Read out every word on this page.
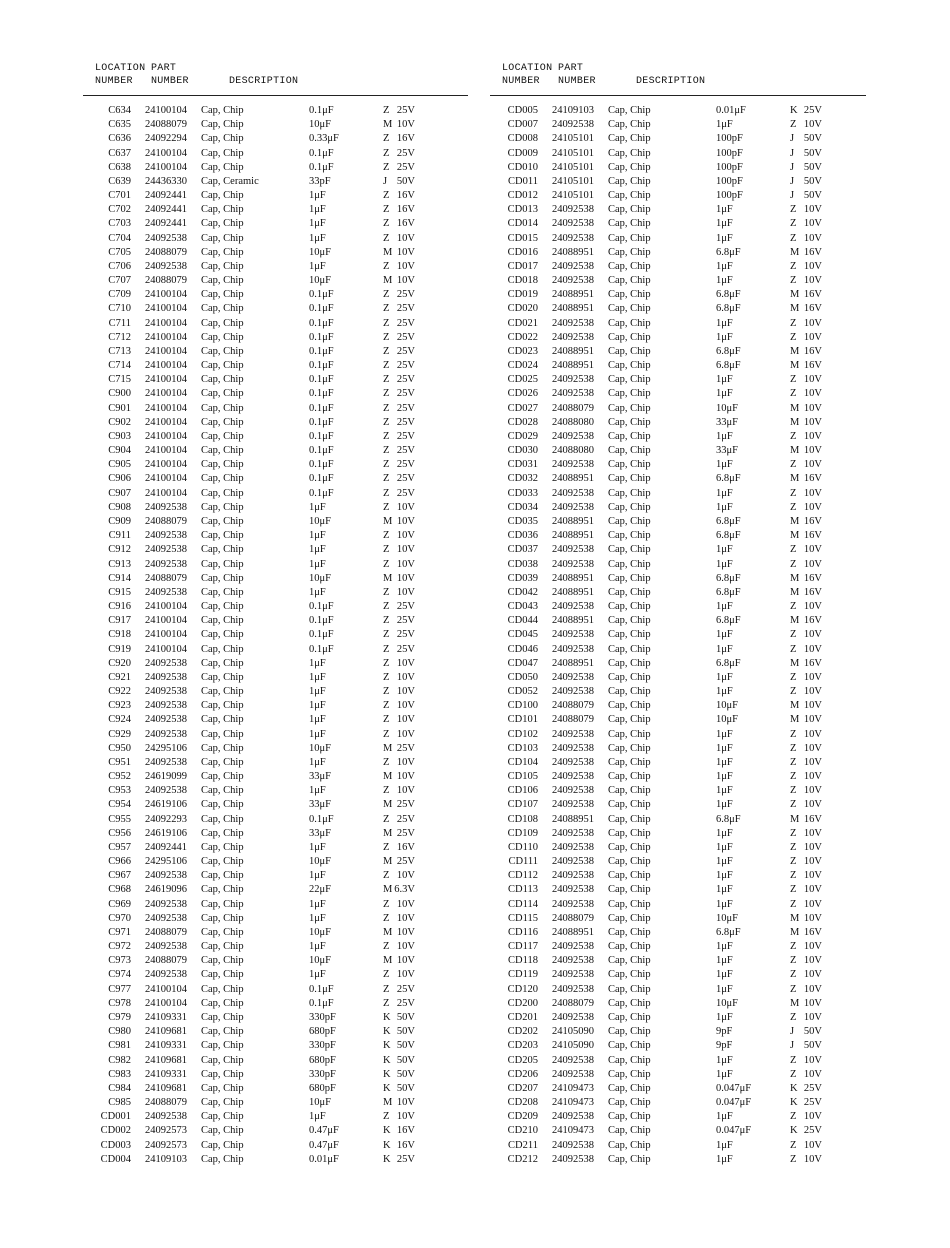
LOCATION
NUMBER
PART
NUMBER	DESCRIPTION
C634 24100104 Cap, Chip	0.1μF	Z 25V
C635 24088079 Cap, Chip	10μF	M 10V
C636 24092294 Cap, Chip	0.33μF	Z 16V
C637 24100104 Cap, Chip	0.1μF	Z 25V
C638 24100104 Cap, Chip	0.1μF	Z 25V
C639 24436330 Cap, Ceramic	33pF	J 50V
C701 24092441 Cap, Chip	1μF	Z 16V
C702 24092441 Cap, Chip	1μF	Z 16V
C703 24092441 Cap, Chip	1μF	Z 16V
C704 24092538 Cap, Chip	1μF	Z 10V
C705 24088079 Cap, Chip	10μF	M 10V
C706 24092538 Cap, Chip	1μF	Z 10V
C707 24088079 Cap, Chip	10μF	M 10V
C709 24100104 Cap, Chip	0.1μF	Z 25V
C710 24100104 Cap, Chip	0.1μF	Z 25V
C711 24100104 Cap, Chip	0.1μF	Z 25V
C712 24100104 Cap, Chip	0.1μF	Z 25V
C713 24100104 Cap, Chip	0.1μF	Z 25V
C714 24100104 Cap, Chip	0.1μF	Z 25V
C715 24100104 Cap, Chip	0.1μF	Z 25V
C900 24100104 Cap, Chip	0.1μF	Z 25V
C901 24100104 Cap, Chip	0.1μF	Z 25V
C902 24100104 Cap, Chip	0.1μF	Z 25V
C903 24100104 Cap, Chip	0.1μF	Z 25V
C904 24100104 Cap, Chip	0.1μF	Z 25V
C905 24100104 Cap, Chip	0.1μF	Z 25V
C906 24100104 Cap, Chip	0.1μF	Z 25V
C907 24100104 Cap, Chip	0.1μF	Z 25V
C908 24092538 Cap, Chip	1μF	Z 10V
C909 24088079 Cap, Chip	10μF	M 10V
C911 24092538 Cap, Chip	1μF	Z 10V
C912 24092538 Cap, Chip	1μF	Z 10V
C913 24092538 Cap, Chip	1μF	Z 10V
C914 24088079 Cap, Chip	10μF	M 10V
C915 24092538 Cap, Chip	1μF	Z 10V
C916 24100104 Cap, Chip	0.1μF	Z 25V
C917 24100104 Cap, Chip	0.1μF	Z 25V
C918 24100104 Cap, Chip	0.1μF	Z 25V
C919 24100104 Cap, Chip	0.1μF	Z 25V
C920 24092538 Cap, Chip	1μF	Z 10V
C921 24092538 Cap, Chip	1μF	Z 10V
C922 24092538 Cap, Chip	1μF	Z 10V
C923 24092538 Cap, Chip	1μF	Z 10V
C924 24092538 Cap, Chip	1μF	Z 10V
C929 24092538 Cap, Chip	1μF	Z 10V
C950 24295106 Cap, Chip	10μF	M 25V
C951 24092538 Cap, Chip	1μF	Z 10V
C952 24619099 Cap, Chip	33μF	M 10V
C953 24092538 Cap, Chip	1μF	Z 10V
C954 24619106 Cap, Chip	33μF	M 25V
C955 24092293 Cap, Chip	0.1μF	Z 25V
C956 24619106 Cap, Chip	33μF	M 25V
C957 24092441 Cap, Chip	1μF	Z 16V
C966 24295106 Cap, Chip	10μF	M 25V
C967 24092538 Cap, Chip	1μF	Z 10V
C968 24619096 Cap, Chip	22μF	M 6.3V
C969 24092538 Cap, Chip	1μF	Z 10V
C970 24092538 Cap, Chip	1μF	Z 10V
C971 24088079 Cap, Chip	10μF	M 10V
C972 24092538 Cap, Chip	1μF	Z 10V
C973 24088079 Cap, Chip	10μF	M 10V
C974 24092538 Cap, Chip	1μF	Z 10V
C977 24100104 Cap, Chip	0.1μF	Z 25V
C978 24100104 Cap, Chip	0.1μF	Z 25V
C979 24109331 Cap, Chip	330pF	K 50V
C980 24109681 Cap, Chip	680pF	K 50V
C981 24109331 Cap, Chip	330pF	K 50V
C982 24109681 Cap, Chip	680pF	K 50V
C983 24109331 Cap, Chip	330pF	K 50V
C984 24109681 Cap, Chip	680pF	K 50V
C985 24088079 Cap, Chip	10μF	M 10V
CD001 24092538 Cap, Chip	1μF	Z 10V
CD002 24092573 Cap, Chip	0.47μF	K 16V
CD003 24092573 Cap, Chip	0.47μF	K 16V
CD004 24109103 Cap, Chip	0.01μF	K 25V
LOCATION
NUMBER
PART
NUMBER	DESCRIPTION
CD005 24109103 Cap, Chip	0.01μF	K 25V
CD007 24092538 Cap, Chip	1μF	Z 10V
CD008 24105101 Cap, Chip	100pF	J 50V
CD009 24105101 Cap, Chip	100pF	J 50V
CD010 24105101 Cap, Chip	100pF	J 50V
CD011 24105101 Cap, Chip	100pF	J 50V
CD012 24105101 Cap, Chip	100pF	J 50V
CD013 24092538 Cap, Chip	1μF	Z 10V
CD014 24092538 Cap, Chip	1μF	Z 10V
CD015 24092538 Cap, Chip	1μF	Z 10V
CD016 24088951 Cap, Chip	6.8μF	M 16V
CD017 24092538 Cap, Chip	1μF	Z 10V
CD018 24092538 Cap, Chip	1μF	Z 10V
CD019 24088951 Cap, Chip	6.8μF	M 16V
CD020 24088951 Cap, Chip	6.8μF	M 16V
CD021 24092538 Cap, Chip	1μF	Z 10V
CD022 24092538 Cap, Chip	1μF	Z 10V
CD023 24088951 Cap, Chip	6.8μF	M 16V
CD024 24088951 Cap, Chip	6.8μF	M 16V
CD025 24092538 Cap, Chip	1μF	Z 10V
CD026 24092538 Cap, Chip	1μF	Z 10V
CD027 24088079 Cap, Chip	10μF	M 10V
CD028 24088080 Cap, Chip	33μF	M 10V
CD029 24092538 Cap, Chip	1μF	Z 10V
CD030 24088080 Cap, Chip	33μF	M 10V
CD031 24092538 Cap, Chip	1μF	Z 10V
CD032 24088951 Cap, Chip	6.8μF	M 16V
CD033 24092538 Cap, Chip	1μF	Z 10V
CD034 24092538 Cap, Chip	1μF	Z 10V
CD035 24088951 Cap, Chip	6.8μF	M 16V
CD036 24088951 Cap, Chip	6.8μF	M 16V
CD037 24092538 Cap, Chip	1μF	Z 10V
CD038 24092538 Cap, Chip	1μF	Z 10V
CD039 24088951 Cap, Chip	6.8μF	M 16V
CD042 24088951 Cap, Chip	6.8μF	M 16V
CD043 24092538 Cap, Chip	1μF	Z 10V
CD044 24088951 Cap, Chip	6.8μF	M 16V
CD045 24092538 Cap, Chip	1μF	Z 10V
CD046 24092538 Cap, Chip	1μF	Z 10V
CD047 24088951 Cap, Chip	6.8μF	M 16V
CD050 24092538 Cap, Chip	1μF	Z 10V
CD052 24092538 Cap, Chip	1μF	Z 10V
CD100 24088079 Cap, Chip	10μF	M 10V
CD101 24088079 Cap, Chip	10μF	M 10V
CD102 24092538 Cap, Chip	1μF	Z 10V
CD103 24092538 Cap, Chip	1μF	Z 10V
CD104 24092538 Cap, Chip	1μF	Z 10V
CD105 24092538 Cap, Chip	1μF	Z 10V
CD106 24092538 Cap, Chip	1μF	Z 10V
CD107 24092538 Cap, Chip	1μF	Z 10V
CD108 24088951 Cap, Chip	6.8μF	M 16V
CD109 24092538 Cap, Chip	1μF	Z 10V
CD110 24092538 Cap, Chip	1μF	Z 10V
CD111 24092538 Cap, Chip	1μF	Z 10V
CD112 24092538 Cap, Chip	1μF	Z 10V
CD113 24092538 Cap, Chip	1μF	Z 10V
CD114 24092538 Cap, Chip	1μF	Z 10V
CD115 24088079 Cap, Chip	10μF	M 10V
CD116 24088951 Cap, Chip	6.8μF	M 16V
CD117 24092538 Cap, Chip	1μF	Z 10V
CD118 24092538 Cap, Chip	1μF	Z 10V
CD119 24092538 Cap, Chip	1μF	Z 10V
CD120 24092538 Cap, Chip	1μF	Z 10V
CD200 24088079 Cap, Chip	10μF	M 10V
CD201 24092538 Cap, Chip	1μF	Z 10V
CD202 24105090 Cap, Chip	9pF	J 50V
CD203 24105090 Cap, Chip	9pF	J 50V
CD205 24092538 Cap, Chip	1μF	Z 10V
CD206 24092538 Cap, Chip	1μF	Z 10V
CD207 24109473 Cap, Chip	0.047μF	K 25V
CD208 24109473 Cap, Chip	0.047μF	K 25V
CD209 24092538 Cap, Chip	1μF	Z 10V
CD210 24109473 Cap, Chip	0.047μF	K 25V
CD211 24092538 Cap, Chip	1μF	Z 10V
CD212 24092538 Cap, Chip	1μF	Z 10V
